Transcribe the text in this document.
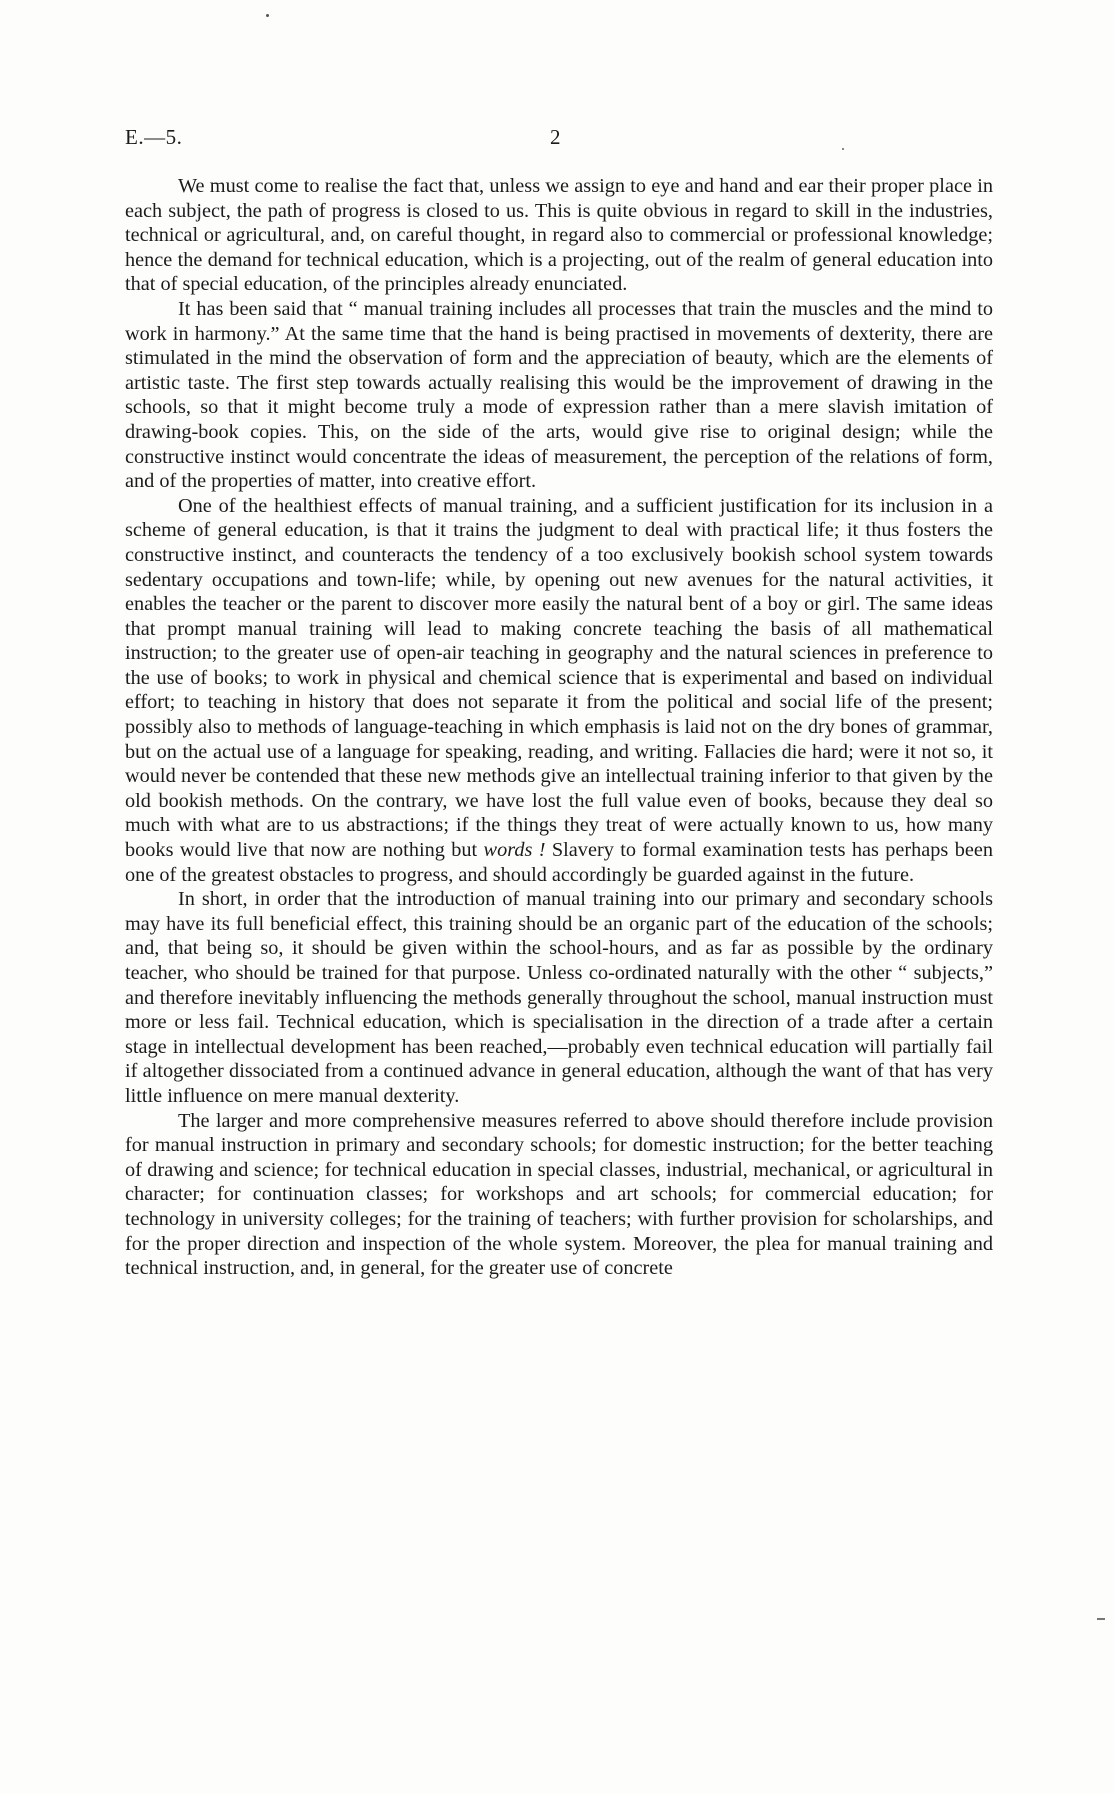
E.—5.	2

We must come to realise the fact that, unless we assign to eye and hand and ear their proper place in each subject, the path of progress is closed to us. This is quite obvious in regard to skill in the industries, technical or agricultural, and, on careful thought, in regard also to commercial or professional knowledge; hence the demand for technical education, which is a projecting, out of the realm of general education into that of special education, of the principles already enunciated.

It has been said that “ manual training includes all processes that train the muscles and the mind to work in harmony.” At the same time that the hand is being practised in movements of dexterity, there are stimulated in the mind the observation of form and the appreciation of beauty, which are the elements of artistic taste. The first step towards actually realising this would be the improvement of drawing in the schools, so that it might become truly a mode of expression rather than a mere slavish imitation of drawing-book copies. This, on the side of the arts, would give rise to original design; while the constructive instinct would concentrate the ideas of measurement, the perception of the relations of form, and of the properties of matter, into creative effort.

One of the healthiest effects of manual training, and a sufficient justification for its inclusion in a scheme of general education, is that it trains the judgment to deal with practical life; it thus fosters the constructive instinct, and counteracts the tendency of a too exclusively bookish school system towards sedentary occupations and town-life; while, by opening out new avenues for the natural activities, it enables the teacher or the parent to discover more easily the natural bent of a boy or girl. The same ideas that prompt manual training will lead to making concrete teaching the basis of all mathematical instruction; to the greater use of open-air teaching in geography and the natural sciences in preference to the use of books; to work in physical and chemical science that is experimental and based on individual effort; to teaching in history that does not separate it from the political and social life of the present; possibly also to methods of language-teaching in which emphasis is laid not on the dry bones of grammar, but on the actual use of a language for speaking, reading, and writing. Fallacies die hard; were it not so, it would never be contended that these new methods give an intellectual training inferior to that given by the old bookish methods. On the contrary, we have lost the full value even of books, because they deal so much with what are to us abstractions; if the things they treat of were actually known to us, how many books would live that now are nothing but words ! Slavery to formal examination tests has perhaps been one of the greatest obstacles to progress, and should accordingly be guarded against in the future.

In short, in order that the introduction of manual training into our primary and secondary schools may have its full beneficial effect, this training should be an organic part of the education of the schools; and, that being so, it should be given within the school-hours, and as far as possible by the ordinary teacher, who should be trained for that purpose. Unless co-ordinated naturally with the other “ subjects,” and therefore inevitably influencing the methods generally throughout the school, manual instruction must more or less fail. Technical education, which is specialisation in the direction of a trade after a certain stage in intellectual development has been reached,—probably even technical education will partially fail if altogether dissociated from a continued advance in general education, although the want of that has very little influence on mere manual dexterity.

The larger and more comprehensive measures referred to above should therefore include provision for manual instruction in primary and secondary schools; for domestic instruction; for the better teaching of drawing and science; for technical education in special classes, industrial, mechanical, or agricultural in character; for continuation classes; for workshops and art schools; for commercial education; for technology in university colleges; for the training of teachers; with further provision for scholarships, and for the proper direction and inspection of the whole system. Moreover, the plea for manual training and technical instruction, and, in general, for the greater use of concrete
